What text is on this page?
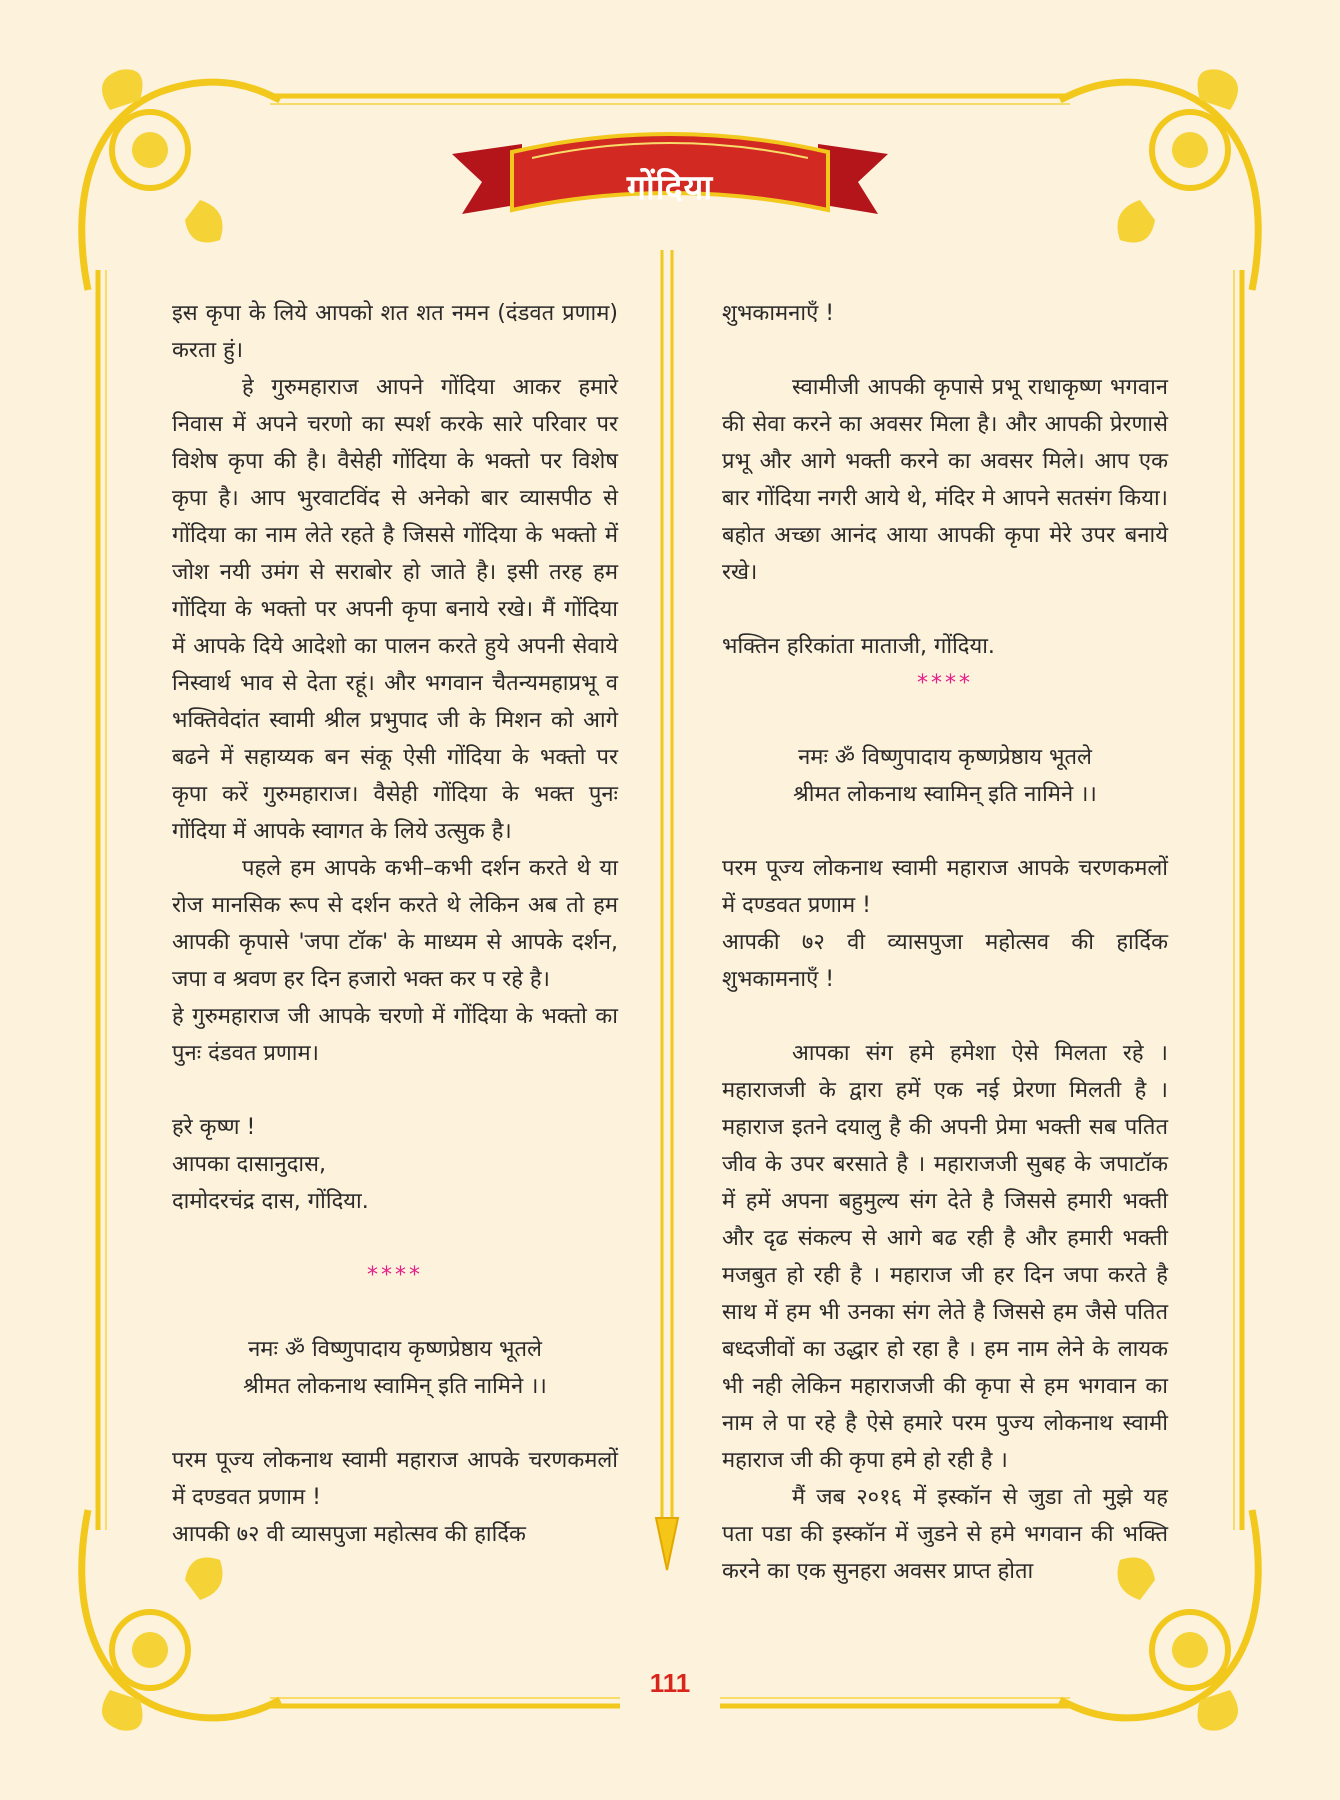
गोंदिया

इस कृपा के लिये आपको शत शत नमन (दंडवत प्रणाम) करता हुं।

हे गुरुमहाराज आपने गोंदिया आकर हमारे निवास में अपने चरणो का स्पर्श करके सारे परिवार पर विशेष कृपा की है। वैसेही गोंदिया के भक्तो पर विशेष कृपा है। आप भुरवाटविंद से अनेको बार व्यासपीठ से गोंदिया का नाम लेते रहते है जिससे गोंदिया के भक्तो में जोश नयी उमंग से सराबोर हो जाते है। इसी तरह हम गोंदिया के भक्तो पर अपनी कृपा बनाये रखे। मैं गोंदिया में आपके दिये आदेशो का पालन करते हुये अपनी सेवाये निस्वार्थ भाव से देता रहूं। और भगवान चैतन्यमहाप्रभू व भक्तिवेदांत स्वामी श्रील प्रभुपाद जी के मिशन को आगे बढने में सहाय्यक बन संकू ऐसी गोंदिया के भक्तो पर कृपा करें गुरुमहाराज। वैसेही गोंदिया के भक्त पुनः गोंदिया में आपके स्वागत के लिये उत्सुक है।

पहले हम आपके कभी–कभी दर्शन करते थे या रोज मानसिक रूप से दर्शन करते थे लेकिन अब तो हम आपकी कृपासे 'जपा टॉक' के माध्यम से आपके दर्शन, जपा व श्रवण हर दिन हजारो भक्त कर प रहे है।

हे गुरुमहाराज जी आपके चरणो में गोंदिया के भक्तो का पुनः दंडवत प्रणाम।

हरे कृष्ण !

आपका दासानुदास,

दामोदरचंद्र दास, गोंदिया.

****

नमः ॐ विष्णुपादाय कृष्णप्रेष्ठाय भूतले

श्रीमत लोकनाथ स्वामिन् इति नामिने ।।

परम पूज्य लोकनाथ स्वामी महाराज आपके चरणकमलों में दण्डवत प्रणाम !

आपकी ७२ वी व्यासपुजा महोत्सव की हार्दिक

शुभकामनाएँ !

स्वामीजी आपकी कृपासे प्रभू राधाकृष्ण भगवान की सेवा करने का अवसर मिला है। और आपकी प्रेरणासे प्रभू और आगे भक्ती करने का अवसर मिले। आप एक बार गोंदिया नगरी आये थे, मंदिर मे आपने सतसंग किया। बहोत अच्छा आनंद आया आपकी कृपा मेरे उपर बनाये रखे।

भक्तिन हरिकांता माताजी, गोंदिया.

****

नमः ॐ विष्णुपादाय कृष्णप्रेष्ठाय भूतले

श्रीमत लोकनाथ स्वामिन् इति नामिने ।।

परम पूज्य लोकनाथ स्वामी महाराज आपके चरणकमलों में दण्डवत प्रणाम !

आपकी ७२ वी व्यासपुजा महोत्सव की हार्दिक शुभकामनाएँ !

आपका संग हमे हमेशा ऐसे मिलता रहे । महाराजजी के द्वारा हमें एक नई प्रेरणा मिलती है । महाराज इतने दयालु है की अपनी प्रेमा भक्ती सब पतित जीव के उपर बरसाते है । महाराजजी सुबह के जपाटॉक में हमें अपना बहुमुल्य संग देते है जिससे हमारी भक्ती और दृढ संकल्प से आगे बढ रही है और हमारी भक्ती मजबुत हो रही है । महाराज जी हर दिन जपा करते है साथ में हम भी उनका संग लेते है जिससे हम जैसे पतित बध्दजीवों का उद्धार हो रहा है । हम नाम लेने के लायक भी नही लेकिन महाराजजी की कृपा से हम भगवान का नाम ले पा रहे है ऐसे हमारे परम पुज्य लोकनाथ स्वामी महाराज जी की कृपा हमे हो रही है ।

मैं जब २०१६ में इस्कॉन से जुडा तो मुझे यह पता पडा की इस्कॉन में जुडने से हमे भगवान की भक्ति करने का एक सुनहरा अवसर प्राप्त होता

111
